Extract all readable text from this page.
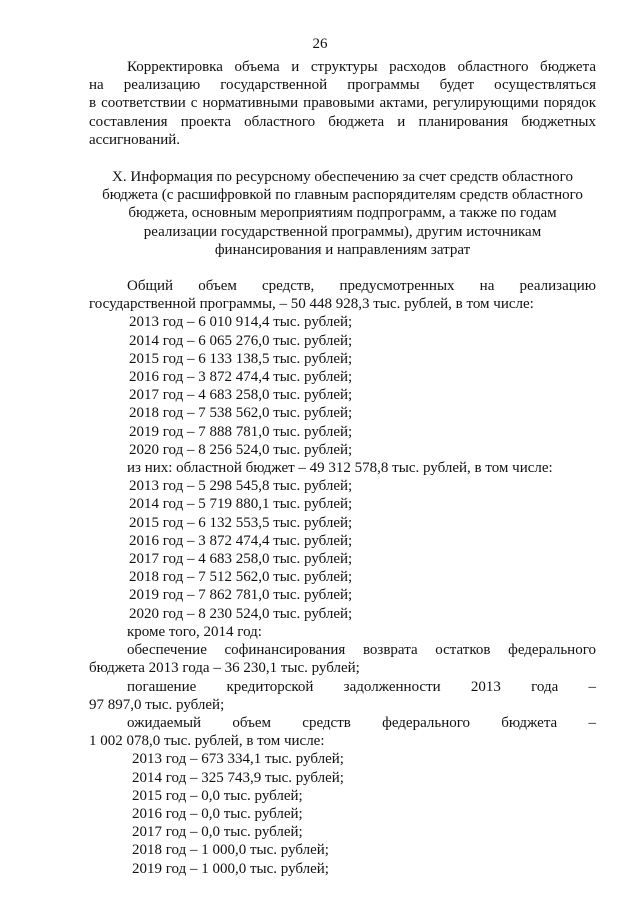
26

Корректировка объема и структуры расходов областного бюджета

на реализацию государственной программы будет осуществляться

в соответствии с нормативными правовыми актами, регулирующими порядок

составления проекта областного бюджета и планирования бюджетных

ассигнований.

X. Информация по ресурсному обеспечению за счет средств областного
бюджета (с расшифровкой по главным распорядителям средств областного
бюджета, основным мероприятиям подпрограмм, а также по годам
реализации государственной программы), другим источникам
финансирования и направлениям затрат

Общий объем средств, предусмотренных на реализацию

государственной программы, – 50 448 928,3 тыс. рублей, в том числе:

2013 год – 6 010 914,4 тыс. рублей;
2014 год – 6 065 276,0 тыс. рублей;
2015 год – 6 133 138,5 тыс. рублей;
2016 год – 3 872 474,4 тыс. рублей;
2017 год – 4 683 258,0 тыс. рублей;
2018 год – 7 538 562,0 тыс. рублей;
2019 год – 7 888 781,0 тыс. рублей;
2020 год – 8 256 524,0 тыс. рублей;

из них: областной бюджет – 49 312 578,8 тыс. рублей, в том числе:

2013 год – 5 298 545,8 тыс. рублей;
2014 год – 5 719 880,1 тыс. рублей;
2015 год – 6 132 553,5 тыс. рублей;
2016 год – 3 872 474,4 тыс. рублей;
2017 год – 4 683 258,0 тыс. рублей;
2018 год – 7 512 562,0 тыс. рублей;
2019 год – 7 862 781,0 тыс. рублей;
2020 год – 8 230 524,0 тыс. рублей;

кроме того, 2014 год:

обеспечение софинансирования возврата остатков федерального

бюджета 2013 года – 36 230,1 тыс. рублей;

погашение кредиторской задолженности 2013 года –

97 897,0 тыс. рублей;

ожидаемый объем средств федерального бюджета –

1 002 078,0 тыс. рублей, в том числе:

2013 год – 673 334,1 тыс. рублей;
2014 год – 325 743,9 тыс. рублей;
2015 год – 0,0 тыс. рублей;
2016 год – 0,0 тыс. рублей;
2017 год – 0,0 тыс. рублей;
2018 год – 1 000,0 тыс. рублей;
2019 год – 1 000,0 тыс. рублей;
